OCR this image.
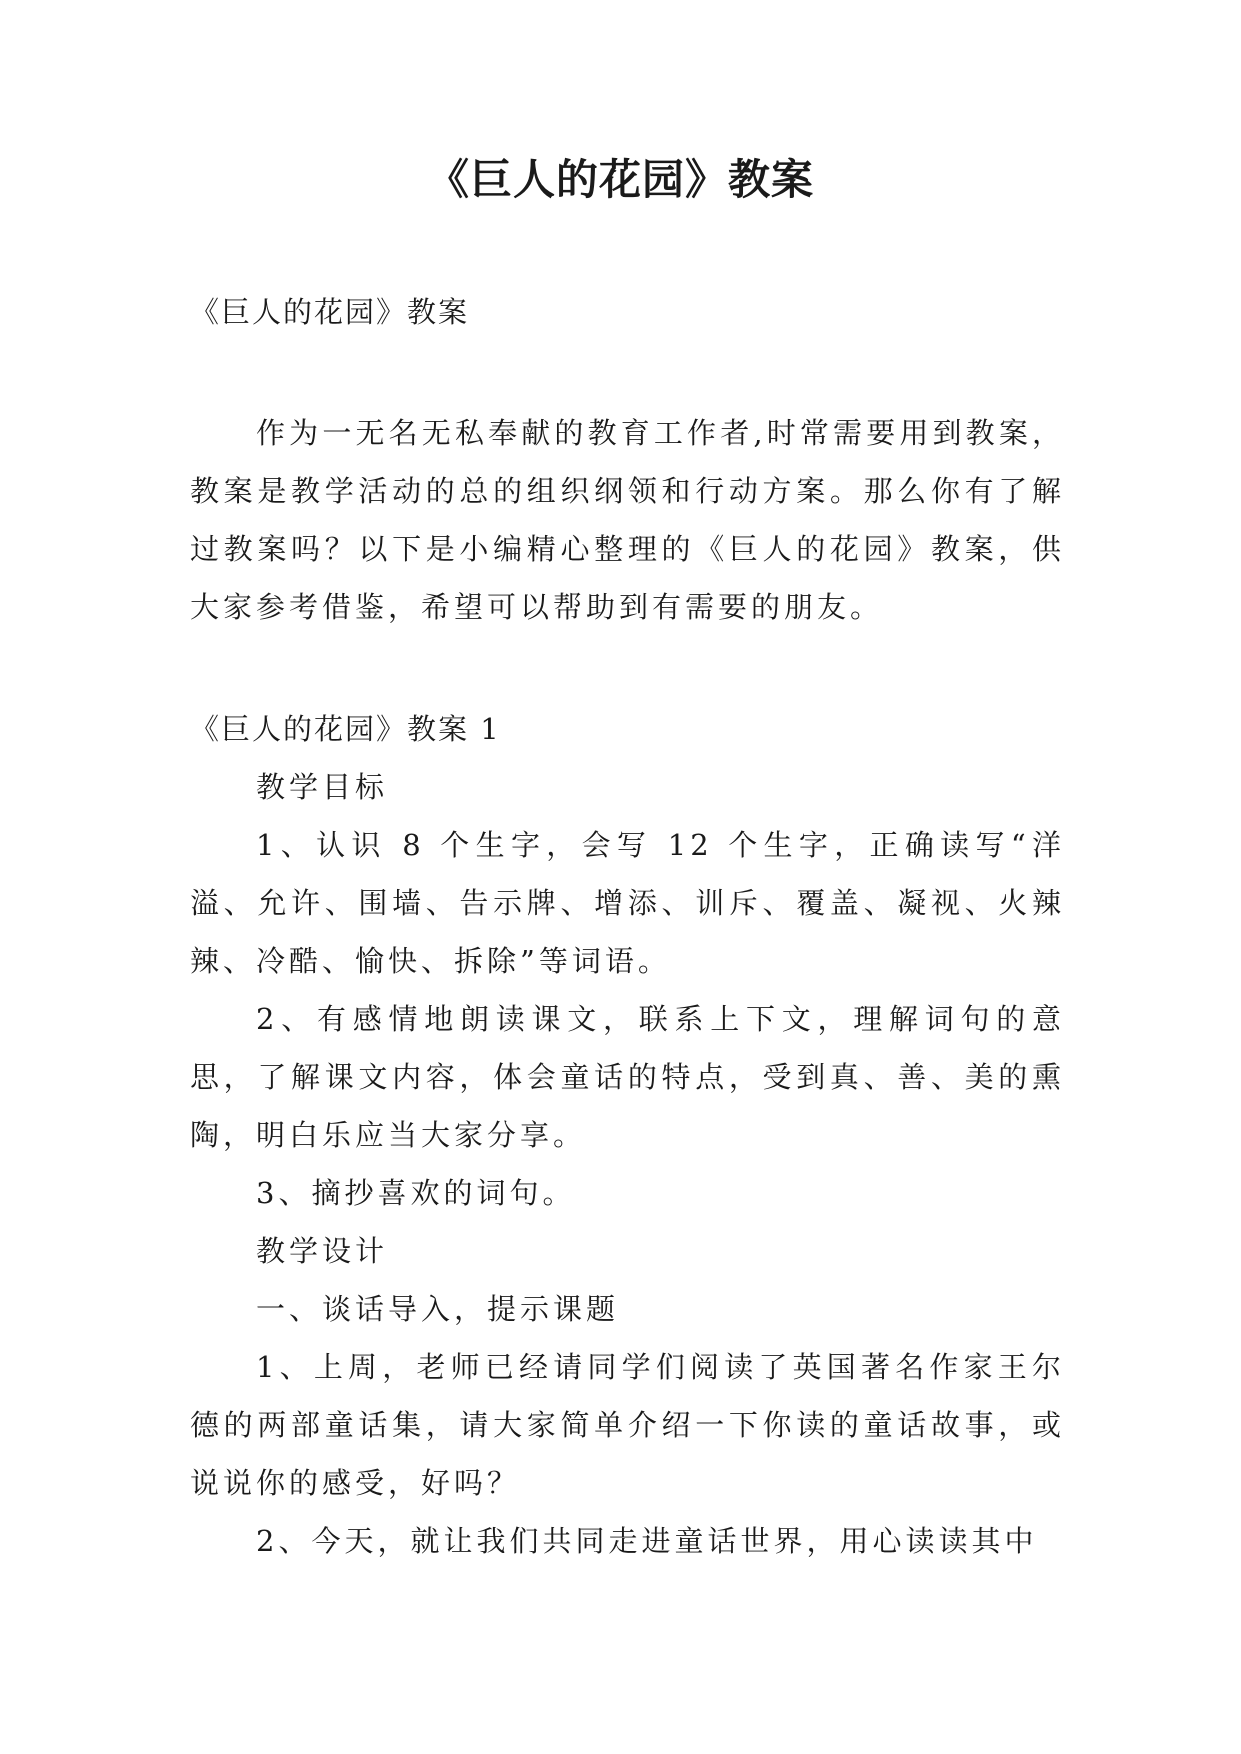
《巨人的花园》教案

《巨人的花园》教案

作为一无名无私奉献的教育工作者,时常需要用到教案，教案是教学活动的总的组织纲领和行动方案。那么你有了解过教案吗？以下是小编精心整理的《巨人的花园》教案，供大家参考借鉴，希望可以帮助到有需要的朋友。

《巨人的花园》教案 1

教学目标

1、认识 8 个生字，会写 12 个生字，正确读写“洋溢、允许、围墙、告示牌、增添、训斥、覆盖、凝视、火辣辣、冷酷、愉快、拆除”等词语。

2、有感情地朗读课文，联系上下文，理解词句的意思，了解课文内容，体会童话的特点，受到真、善、美的熏陶，明白乐应当大家分享。

3、摘抄喜欢的词句。

教学设计

一、谈话导入，提示课题

1、上周，老师已经请同学们阅读了英国著名作家王尔德的两部童话集，请大家简单介绍一下你读的童话故事，或说说你的感受，好吗？

2、今天，就让我们共同走进童话世界，用心读读其中
